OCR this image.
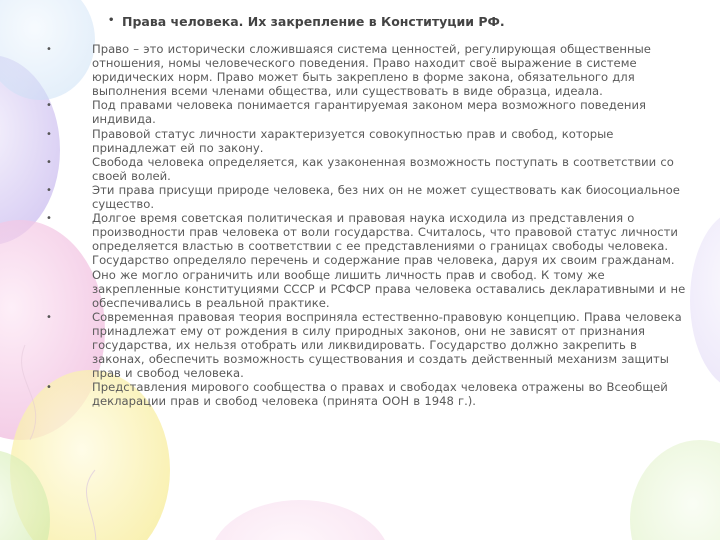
• Права человека. Их закрепление в Конституции РФ.
•	Право – это исторически сложившаяся система ценностей, регулирующая общественные отношения, номы человеческого поведения. Право находит своё выражение в системе юридических норм. Право может быть закреплено в форме закона, обязательного для выполнения всеми членами общества, или существовать в виде образца, идеала.
•	Под правами человека понимается гарантируемая законом мера возможного поведения индивида.
•	Правовой статус личности характеризуется совокупностью прав и свобод, которые принадлежат ей по закону.
•	Свобода человека определяется, как узаконенная возможность поступать в соответствии со своей волей.
•	Эти права присущи природе человека, без них он не может существовать как биосоциальное существо.
•	Долгое время советская политическая и правовая наука исходила из представления о производности прав человека от воли государства. Считалось, что правовой статус личности определяется властью в соответствии с ее представлениями о границах свободы человека. Государство определяло перечень и содержание прав человека, даруя их своим гражданам. Оно же могло ограничить или вообще лишить личность прав и свобод. К тому же закрепленные конституциями СССР и РСФСР права человека оставались декларативными и не обеспечивались в реальной практике.
•	Современная правовая теория восприняла естественно-правовую концепцию. Права человека принадлежат ему от рождения в силу природных законов, они не зависят от признания государства, их нельзя отобрать или ликвидировать. Государство должно закрепить в законах, обеспечить возможность существования и создать действенный механизм защиты прав и свобод человека.
•	Представления мирового сообщества о правах и свободах человека отражены во Всеобщей декларации прав и свобод человека (принята ООН в 1948 г.).
